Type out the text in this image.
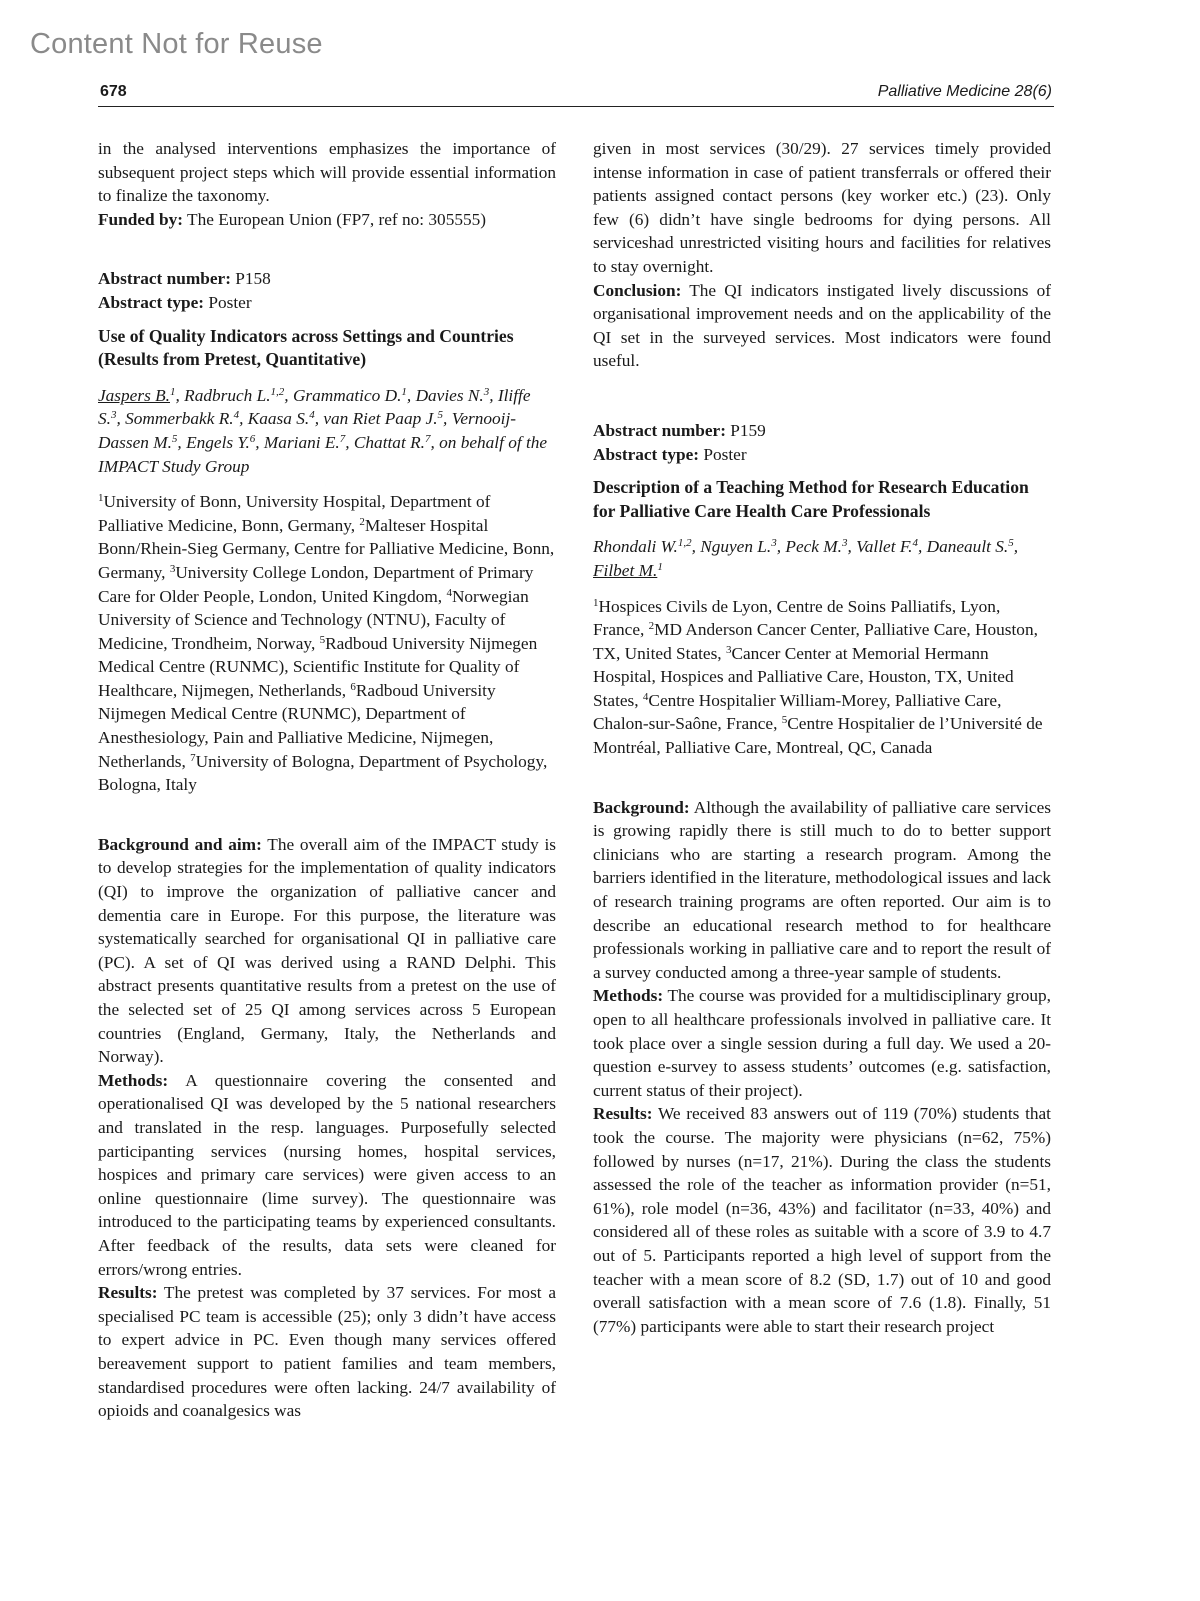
Content Not for Reuse
678	Palliative Medicine 28(6)

in the analysed interventions emphasizes the importance of subsequent project steps which will provide essential information to finalize the taxonomy.

Funded by: The European Union (FP7, ref no: 305555)

Abstract number: P158

Abstract type: Poster

Use of Quality Indicators across Settings and Countries (Results from Pretest, Quantitative)

Jaspers B.$^1$, Radbruch L.$^{1,2}$, Grammatico D.$^1$, Davies N.$^3$, Iliffe S.$^3$, Sommerbakk R.$^4$, Kaasa S.$^4$, van Riet Paap J.$^5$, Vernooij-Dassen M.$^5$, Engels Y.$^6$, Mariani E.$^7$, Chattat R.$^7$, on behalf of the IMPACT Study Group

$^1$University of Bonn, University Hospital, Department of Palliative Medicine, Bonn, Germany, $^2$Malteser Hospital Bonn/Rhein-Sieg Germany, Centre for Palliative Medicine, Bonn, Germany, $^3$University College London, Department of Primary Care for Older People, London, United Kingdom, $^4$Norwegian University of Science and Technology (NTNU), Faculty of Medicine, Trondheim, Norway, $^5$Radboud University Nijmegen Medical Centre (RUNMC), Scientific Institute for Quality of Healthcare, Nijmegen, Netherlands, $^6$Radboud University Nijmegen Medical Centre (RUNMC), Department of Anesthesiology, Pain and Palliative Medicine, Nijmegen, Netherlands, $^7$University of Bologna, Department of Psychology, Bologna, Italy

Background and aim: The overall aim of the IMPACT study is to develop strategies for the implementation of quality indicators (QI) to improve the organization of palliative cancer and dementia care in Europe. For this purpose, the literature was systematically searched for organisational QI in palliative care (PC). A set of QI was derived using a RAND Delphi. This abstract presents quantitative results from a pretest on the use of the selected set of 25 QI among services across 5 European countries (England, Germany, Italy, the Netherlands and Norway).

Methods: A questionnaire covering the consented and operationalised QI was developed by the 5 national researchers and translated in the resp. languages. Purposefully selected participanting services (nursing homes, hospital services, hospices and primary care services) were given access to an online questionnaire (lime survey). The questionnaire was introduced to the participating teams by experienced consultants. After feedback of the results, data sets were cleaned for errors/wrong entries.

Results: The pretest was completed by 37 services. For most a specialised PC team is accessible (25); only 3 didn’t have access to expert advice in PC. Even though many services offered bereavement support to patient families and team members, standardised procedures were often lacking. 24/7 availability of opioids and coanalgesics was

given in most services (30/29). 27 services timely provided intense information in case of patient transferrals or offered their patients assigned contact persons (key worker etc.) (23). Only few (6) didn’t have single bedrooms for dying persons. All serviceshad unrestricted visiting hours and facilities for relatives to stay overnight.

Conclusion: The QI indicators instigated lively discussions of organisational improvement needs and on the applicability of the QI set in the surveyed services. Most indicators were found useful.

Abstract number: P159

Abstract type: Poster

Description of a Teaching Method for Research Education for Palliative Care Health Care Professionals

Rhondali W.$^{1,2}$, Nguyen L.$^3$, Peck M.$^3$, Vallet F.$^4$, Daneault S.$^5$, Filbet M.$^1$

$^1$Hospices Civils de Lyon, Centre de Soins Palliatifs, Lyon, France, $^2$MD Anderson Cancer Center, Palliative Care, Houston, TX, United States, $^3$Cancer Center at Memorial Hermann Hospital, Hospices and Palliative Care, Houston, TX, United States, $^4$Centre Hospitalier William-Morey, Palliative Care, Chalon-sur-Saône, France, $^5$Centre Hospitalier de l’Université de Montréal, Palliative Care, Montreal, QC, Canada

Background: Although the availability of palliative care services is growing rapidly there is still much to do to better support clinicians who are starting a research program. Among the barriers identified in the literature, methodological issues and lack of research training programs are often reported. Our aim is to describe an educational research method to for healthcare professionals working in palliative care and to report the result of a survey conducted among a three-year sample of students.

Methods: The course was provided for a multidisciplinary group, open to all healthcare professionals involved in palliative care. It took place over a single session during a full day. We used a 20-question e-survey to assess students’ outcomes (e.g. satisfaction, current status of their project).

Results: We received 83 answers out of 119 (70%) students that took the course. The majority were physicians (n=62, 75%) followed by nurses (n=17, 21%). During the class the students assessed the role of the teacher as information provider (n=51, 61%), role model (n=36, 43%) and facilitator (n=33, 40%) and considered all of these roles as suitable with a score of 3.9 to 4.7 out of 5. Participants reported a high level of support from the teacher with a mean score of 8.2 (SD, 1.7) out of 10 and good overall satisfaction with a mean score of 7.6 (1.8). Finally, 51 (77%) participants were able to start their research project
